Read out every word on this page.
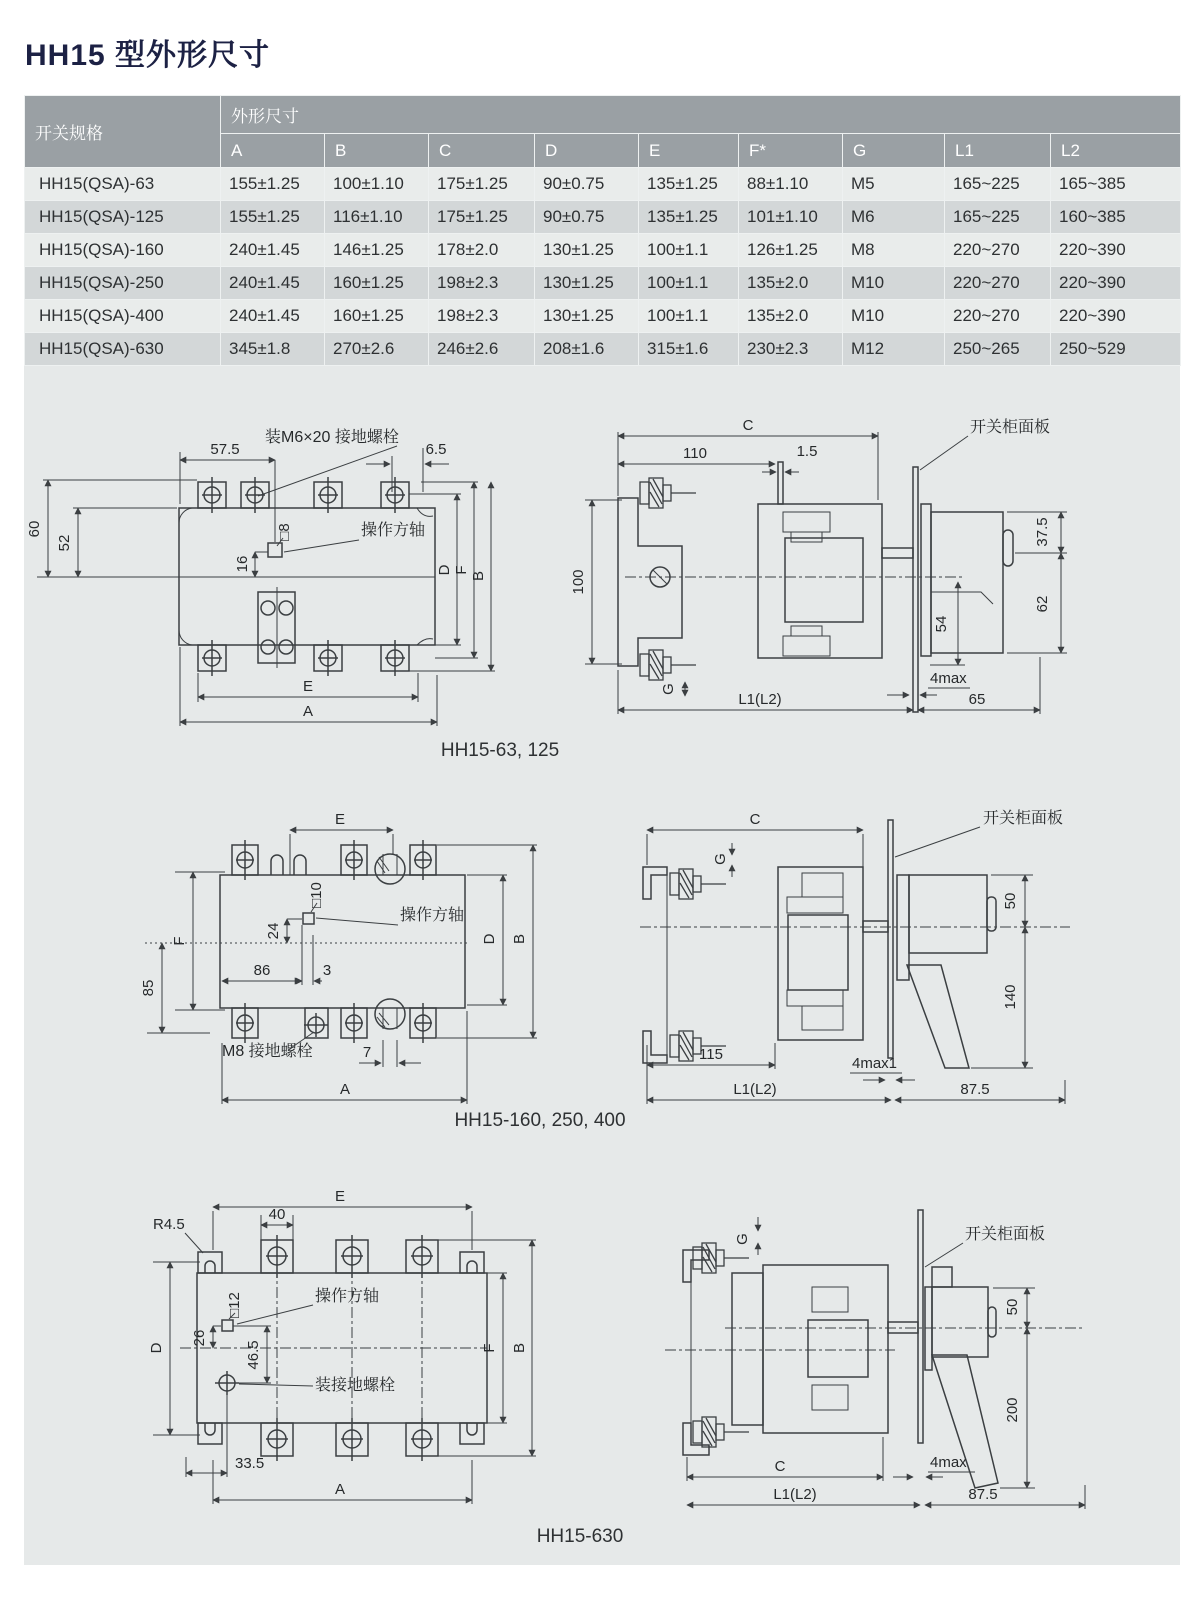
HH15 型外形尺寸
开关规格	外形尺寸								
	A	B	C	D	E	F*	G	L1	L2
HH15(QSA)-63	155±1.25	100±1.10	175±1.25	90±0.75	135±1.25	88±1.10	M5	165~225	165~385
HH15(QSA)-125	155±1.25	116±1.10	175±1.25	90±0.75	135±1.25	101±1.10	M6	165~225	160~385
HH15(QSA)-160	240±1.45	146±1.25	178±2.0	130±1.25	100±1.1	126±1.25	M8	220~270	220~390
HH15(QSA)-250	240±1.45	160±1.25	198±2.3	130±1.25	100±1.1	135±2.0	M10	220~270	220~390
HH15(QSA)-400	240±1.45	160±1.25	198±2.3	130±1.25	100±1.1	135±2.0	M10	220~270	220~390
HH15(QSA)-630	345±1.8	270±2.6	246±2.6	208±1.6	315±1.6	230±2.3	M12	250~265	250~529
装M6×20 接地螺栓
57.5	6.5
60
52
□8
16
操作方轴
D F
B
E
A
C
110	1.5
开关柜面板
G
100
37.5
62
54
4max
L1(L2)	65
HH15-63, 125
E
F
85
□10
24
操作方轴
86	3
M8 接地螺栓	7
D B
A
C
G
开关柜面板
50
140
115
4max1
L1(L2)	87.5
HH15-160, 250, 400
E
40
R4.5
D
□12
26
46.5
操作方轴
装接地螺栓
F B
33.5
A
G	开关柜面板
50
200
C	4max
L1(L2)	87.5
HH15-630
